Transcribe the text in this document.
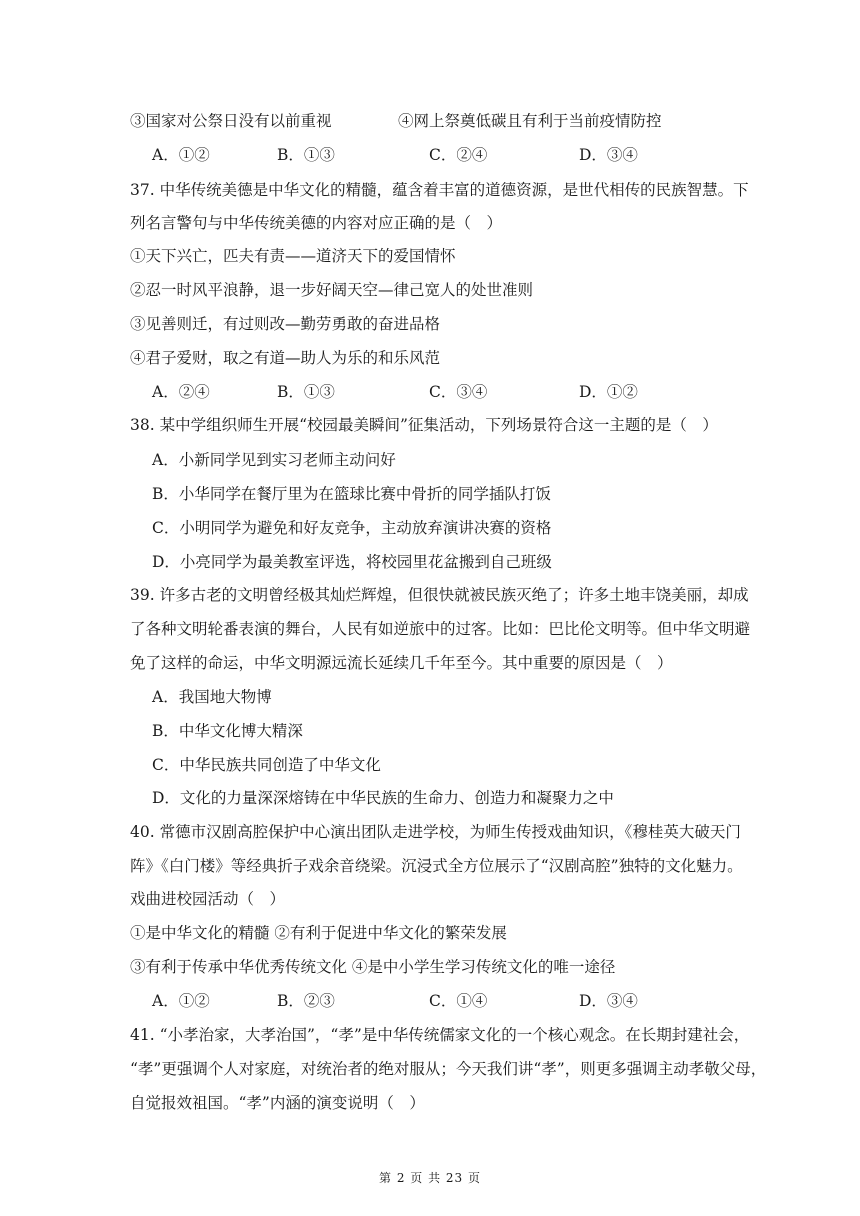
③国家对公祭日没有以前重视	④网上祭奠低碳且有利于当前疫情防控
A．①②	B．①③	C．②④	D．③④
37. 中华传统美德是中华文化的精髓，蕴含着丰富的道德资源，是世代相传的民族智慧。下
列名言警句与中华传统美德的内容对应正确的是（　）
①天下兴亡，匹夫有责——道济天下的爱国情怀
②忍一时风平浪静，退一步好阔天空—律己宽人的处世准则
③见善则迁，有过则改—勤劳勇敢的奋进品格
④君子爱财，取之有道—助人为乐的和乐风范
A．②④	B．①③	C．③④	D．①②
38. 某中学组织师生开展“校园最美瞬间”征集活动，下列场景符合这一主题的是（　）
A．小新同学见到实习老师主动问好
B．小华同学在餐厅里为在篮球比赛中骨折的同学插队打饭
C．小明同学为避免和好友竞争，主动放弃演讲决赛的资格
D．小亮同学为最美教室评选，将校园里花盆搬到自己班级
39. 许多古老的文明曾经极其灿烂辉煌，但很快就被民族灭绝了；许多土地丰饶美丽，却成
了各种文明轮番表演的舞台，人民有如逆旅中的过客。比如：巴比伦文明等。但中华文明避
免了这样的命运，中华文明源远流长延续几千年至今。其中重要的原因是（　）
A．我国地大物博
B．中华文化博大精深
C．中华民族共同创造了中华文化
D．文化的力量深深熔铸在中华民族的生命力、创造力和凝聚力之中
40. 常德市汉剧高腔保护中心演出团队走进学校，为师生传授戏曲知识，《穆桂英大破天门
阵》《白门楼》等经典折子戏余音绕梁。沉浸式全方位展示了“汉剧高腔”独特的文化魅力。
戏曲进校园活动（　）
①是中华文化的精髓 ②有利于促进中华文化的繁荣发展
③有利于传承中华优秀传统文化 ④是中小学生学习传统文化的唯一途径
A．①②	B．②③	C．①④	D．③④
41. “小孝治家，大孝治国”，“孝”是中华传统儒家文化的一个核心观念。在长期封建社会，
“孝”更强调个人对家庭，对统治者的绝对服从；今天我们讲“孝”，则更多强调主动孝敬父母，
自觉报效祖国。“孝”内涵的演变说明（　）
第 2 页 共 23 页
